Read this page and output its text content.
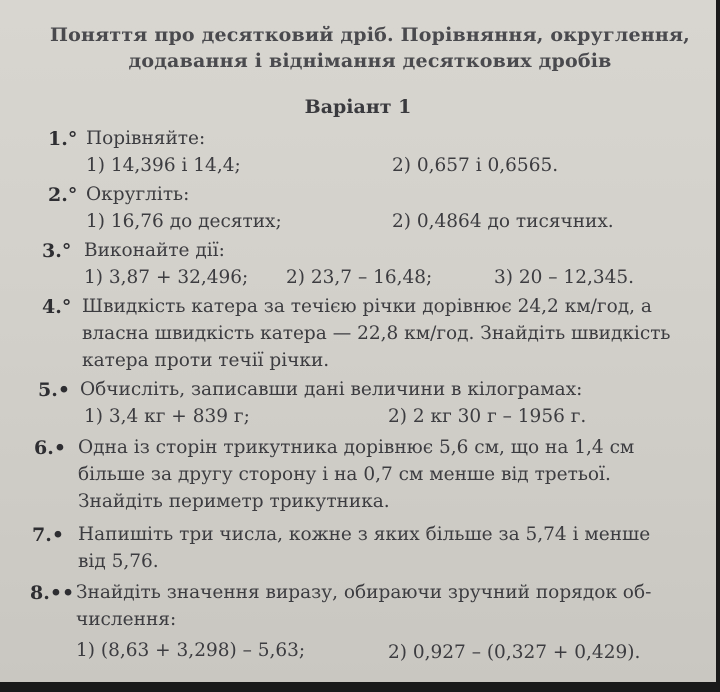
Поняття про десятковий дріб. Порівняння, округлення,
додавання і віднімання десяткових дробів
Варіант 1
1.° Порівняйте:
1) 14,396 і 14,4;	2) 0,657 і 0,6565.
2.° Округліть:
1) 16,76 до десятих;	2) 0,4864 до тисячних.
3.° Виконайте дії:
1) 3,87 + 32,496; 2) 23,7 – 16,48;	3) 20 – 12,345.
4.° Швидкість катера за течією річки дорівнює 24,2 км/год, а
власна швидкість катера — 22,8 км/год. Знайдіть швидкість
катера проти течії річки.
5.• Обчисліть, записавши дані величини в кілограмах:
1) 3,4 кг + 839 г;	2) 2 кг 30 г – 1956 г.
6.• Одна із сторін трикутника дорівнює 5,6 см, що на 1,4 см
більше за другу сторону і на 0,7 см менше від третьої.
Знайдіть периметр трикутника.
7.• Напишіть три числа, кожне з яких більше за 5,74 і менше
від 5,76.
8.•• Знайдіть значення виразу, обираючи зручний порядок об-
числення:
1) (8,63 + 3,298) – 5,63;	2) 0,927 – (0,327 + 0,429).
